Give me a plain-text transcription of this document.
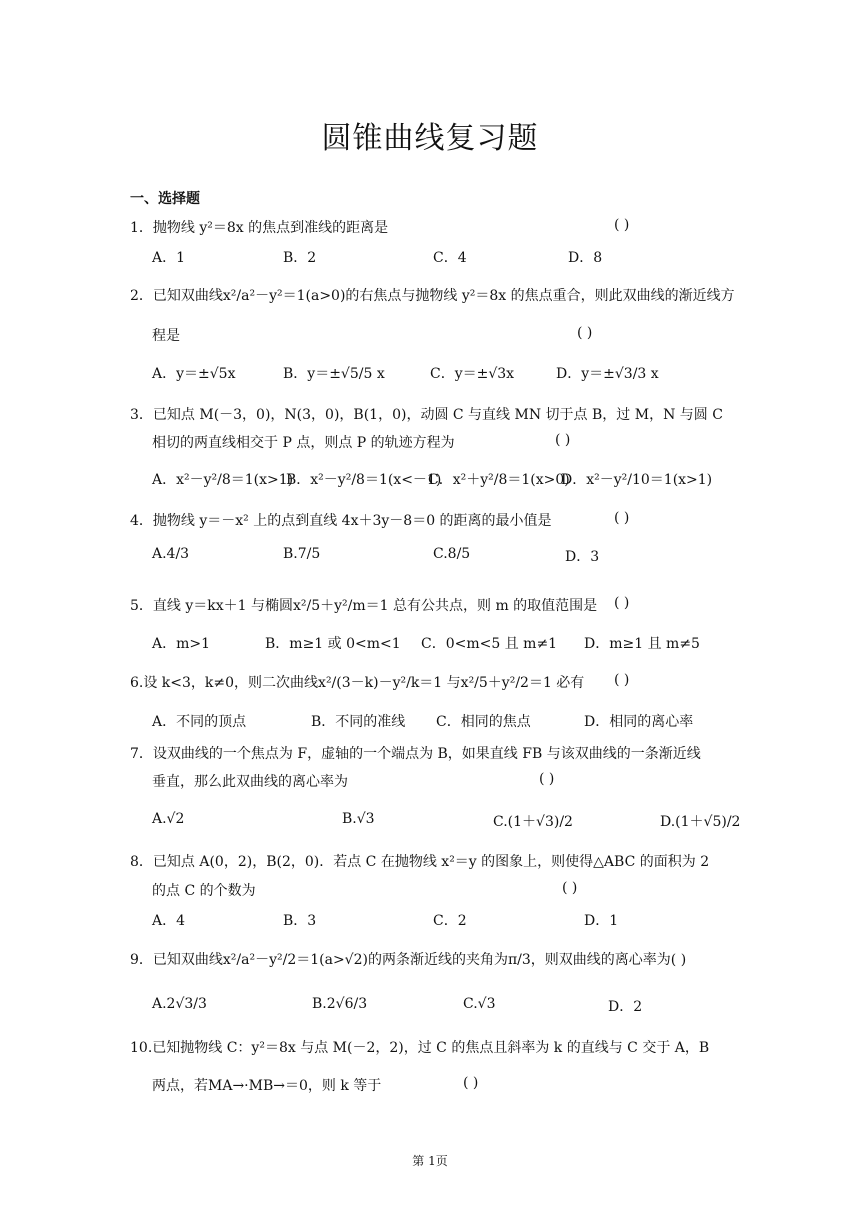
圆锥曲线复习题
一、选择题
1．抛物线 y²＝8x 的焦点到准线的距离是	( )
A．1	B．2	C．4	D．8
2．已知双曲线x²/a²－y²＝1(a>0)的右焦点与抛物线 y²＝8x 的焦点重合，则此双曲线的渐近线方
程是	( )
A．y＝±√5x	B．y＝±√5/5 x	C．y＝±√3x	D．y＝±√3/3 x
3．已知点 M(－3，0)，N(3，0)，B(1，0)，动圆 C 与直线 MN 切于点 B，过 M，N 与圆 C
相切的两直线相交于 P 点，则点 P 的轨迹方程为	( )
A．x²－y²/8＝1(x>1)
B．x²－y²/8＝1(x<－1)
C．x²＋y²/8＝1(x>0)
D．x²－y²/10＝1(x>1)
4．抛物线 y＝－x² 上的点到直线 4x＋3y－8＝0 的距离的最小值是	( )
A.4/3	B.7/5	C.8/5	D．3
5．直线 y＝kx＋1 与椭圆x²/5＋y²/m＝1 总有公共点，则 m 的取值范围是 ( )
A．m>1	B．m≥1 或 0<m<1 C．0<m<5 且 m≠1 D．m≥1 且 m≠5
6.设 k<3，k≠0，则二次曲线x²/(3－k)－y²/k＝1 与x²/5＋y²/2＝1 必有 ( )
A．不同的顶点	B．不同的准线 C．相同的焦点	D．相同的离心率
7．设双曲线的一个焦点为 F，虚轴的一个端点为 B，如果直线 FB 与该双曲线的一条渐近线
垂直，那么此双曲线的离心率为	( )
A.√2	B.√3	C.(1＋√3)/2	D.(1＋√5)/2
8．已知点 A(0，2)，B(2，0)．若点 C 在抛物线 x²＝y 的图象上，则使得△ABC 的面积为 2
的点 C 的个数为	( )
A．4	B．3	C．2	D．1
9．已知双曲线x²/a²－y²/2＝1(a>√2)的两条渐近线的夹角为π/3，则双曲线的离心率为( )
A.2√3/3	B.2√6/3	C.√3	D．2
10.已知抛物线 C：y²＝8x 与点 M(－2，2)，过 C 的焦点且斜率为 k 的直线与 C 交于 A，B
两点，若MA→·MB→＝0，则 k 等于	( )
第 1页
